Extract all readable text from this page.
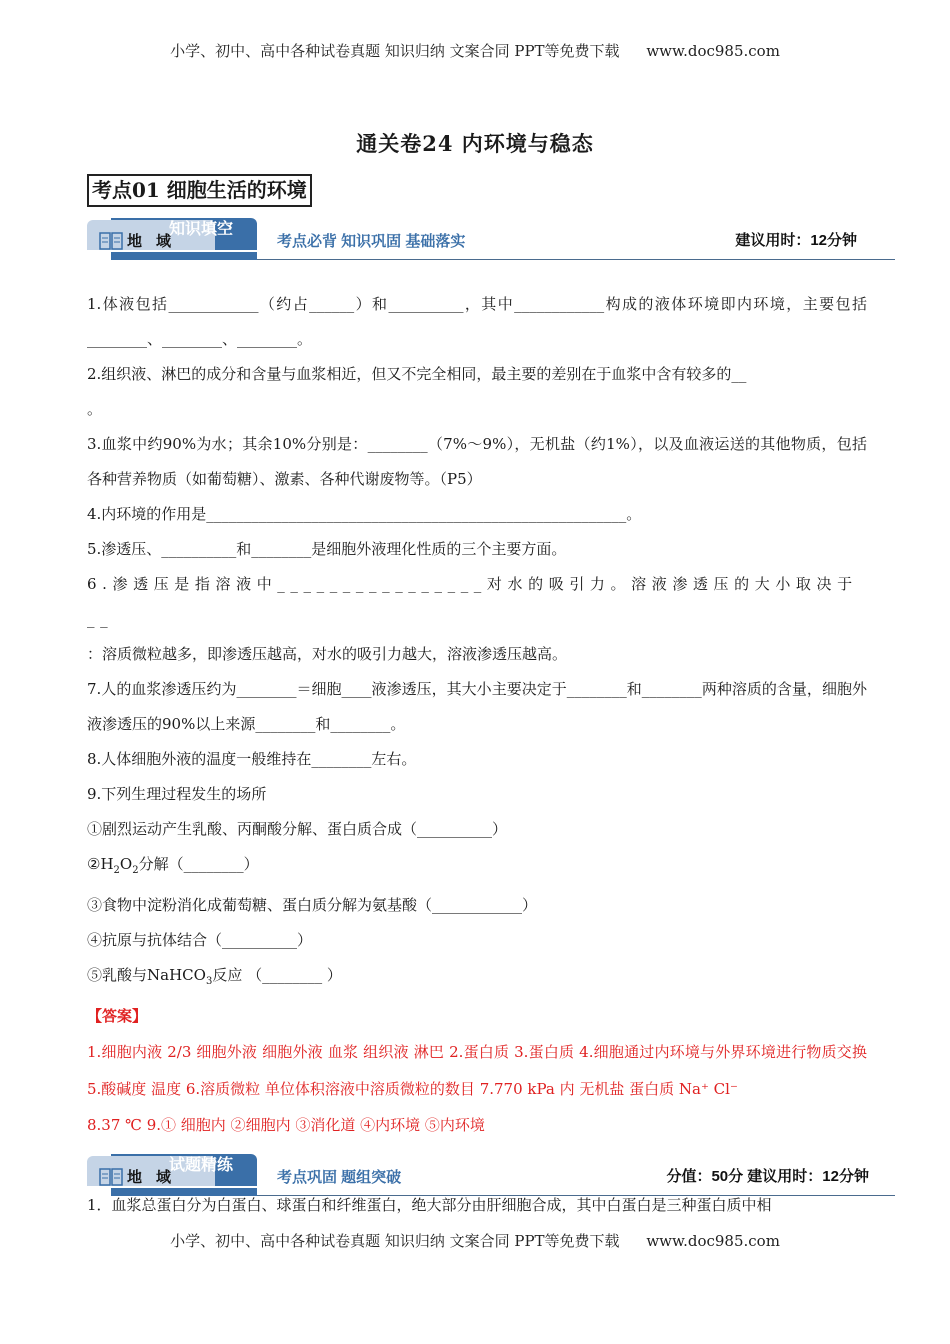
小学、初中、高中各种试卷真题 知识归纳 文案合同 PPT等免费下载 www.doc985.com
通关卷24 内环境与稳态
考点01 细胞生活的环境
知识填空
地域	考点必背 知识巩固 基础落实	建议用时：12分钟

1.体液包括____________（约占______）和__________，其中____________构成的液体环境即内环境，主要包括________、________、________。

2.组织液、淋巴的成分和含量与血浆相近，但又不完全相同，最主要的差别在于血浆中含有较多的__

。

3.血浆中约90%为水；其余10%分别是：________（7%～9%），无机盐（约1%），以及血液运送的其他物质，包括各种营养物质（如葡萄糖）、激素、各种代谢废物等。（P5）

4.内环境的作用是________________________________________________________。

5.渗透压、__________和________是细胞外液理化性质的三个主要方面。

6.渗透压是指溶液中________________对水的吸引力。溶液渗透压的大小取决于__

：溶质微粒越多，即渗透压越高，对水的吸引力越大，溶液渗透压越高。

7.人的血浆渗透压约为________＝细胞____液渗透压，其大小主要决定于________和________两种溶质的含量，细胞外液渗透压的90%以上来源________和________。

8.人体细胞外液的温度一般维持在________左右。

9.下列生理过程发生的场所

①剧烈运动产生乳酸、丙酮酸分解、蛋白质合成（__________）

$②H_2O_2$分解（________）

③食物中淀粉消化成葡萄糖、蛋白质分解为氨基酸（____________）

④抗原与抗体结合（__________）

⑤乳酸与NaHCO$_3$反应 （________ ）

【答案】

1.细胞内液 2/3 细胞外液 细胞外液 血浆 组织液 淋巴 2.蛋白质 3.蛋白质 4.细胞通过内环境与外界环境进行物质交换 5.酸碱度 温度 6.溶质微粒 单位体积溶液中溶质微粒的数目 7.770 kPa 内 无机盐 蛋白质 Na⁺ Cl⁻

8.37 ℃ 9.① 细胞内 ②细胞内 ③消化道 ④内环境 ⑤内环境

试题精练
地域	考点巩固 题组突破	分值：50分 建议用时：12分钟
1．血浆总蛋白分为白蛋白、球蛋白和纤维蛋白，绝大部分由肝细胞合成，其中白蛋白是三种蛋白质中相
小学、初中、高中各种试卷真题 知识归纳 文案合同 PPT等免费下载 www.doc985.com
